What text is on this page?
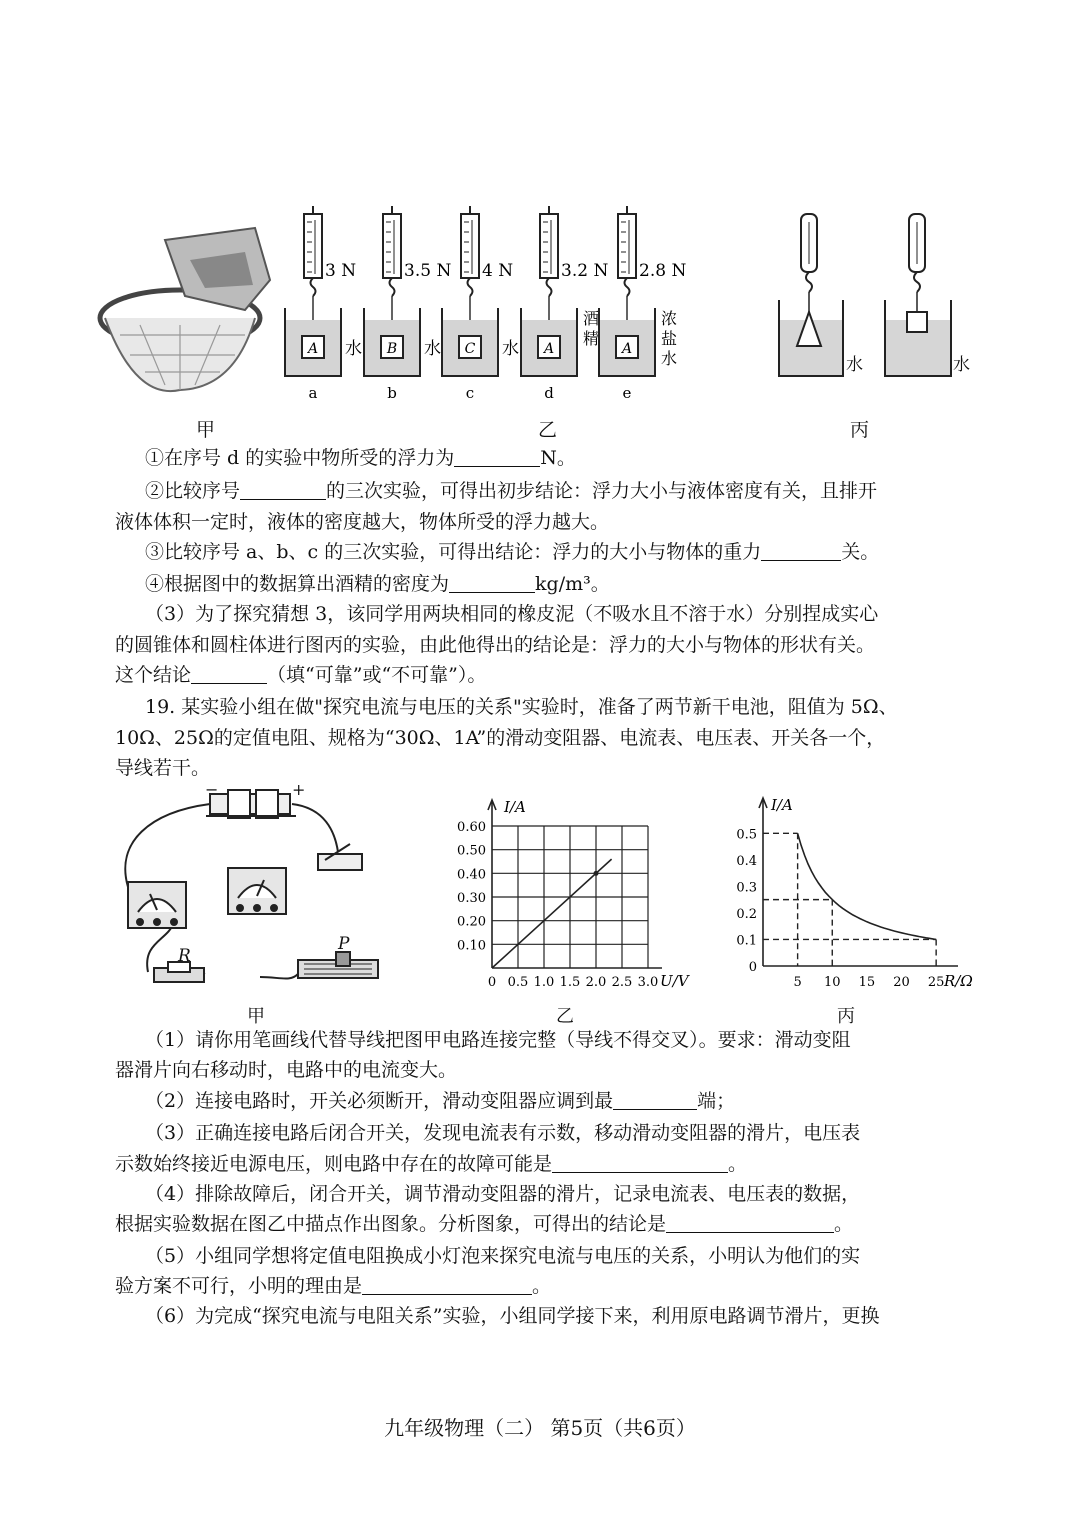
A
3 N
水
a
B
3.5 N
水
b
C
4 N
水
c
A
3.2 N
酒
精
d
A
2.8 N
浓
盐
水
e
水	水
甲	乙	丙
①在序号 d 的实验中物所受的浮力为	N。
②比较序号	的三次实验，可得出初步结论：浮力大小与液体密度有关，且排开
液体体积一定时，液体的密度越大，物体所受的浮力越大。
③比较序号 a、b、c 的三次实验，可得出结论：浮力的大小与物体的重力	关。
④根据图中的数据算出酒精的密度为	kg/m³。
（3）为了探究猜想 3，该同学用两块相同的橡皮泥（不吸水且不溶于水）分别捏成实心
的圆锥体和圆柱体进行图丙的实验，由此他得出的结论是：浮力的大小与物体的形状有关。
这个结论	（填“可靠”或“不可靠”）。
19. 某实验小组在做"探究电流与电压的关系"实验时，准备了两节新干电池，阻值为 5Ω、
10Ω、25Ω的定值电阻、规格为“30Ω、1A”的滑动变阻器、电流表、电压表、开关各一个，
导线若干。
−	+
R
P	0.10
0.20
0.30
0.40
0.50
0.60
0 0.5 1.0 1.5 2.0 2.5 3.0
I/A
U/V
0
0.1
0.2
0.3
0.4
0.5
5 10 15 20 25
I/A
R/Ω
甲	乙	丙
（1）请你用笔画线代替导线把图甲电路连接完整（导线不得交叉）。要求：滑动变阻
器滑片向右移动时，电路中的电流变大。
（2）连接电路时，开关必须断开，滑动变阻器应调到最	端；
（3）正确连接电路后闭合开关，发现电流表有示数，移动滑动变阻器的滑片，电压表
示数始终接近电源电压，则电路中存在的故障可能是	。
（4）排除故障后，闭合开关，调节滑动变阻器的滑片，记录电流表、电压表的数据，
根据实验数据在图乙中描点作出图象。分析图象，可得出的结论是	。
（5）小组同学想将定值电阻换成小灯泡来探究电流与电压的关系，小明认为他们的实
验方案不可行，小明的理由是	。
（6）为完成“探究电流与电阻关系”实验，小组同学接下来，利用原电路调节滑片，更换
九年级物理（二） 第5页（共6页）
